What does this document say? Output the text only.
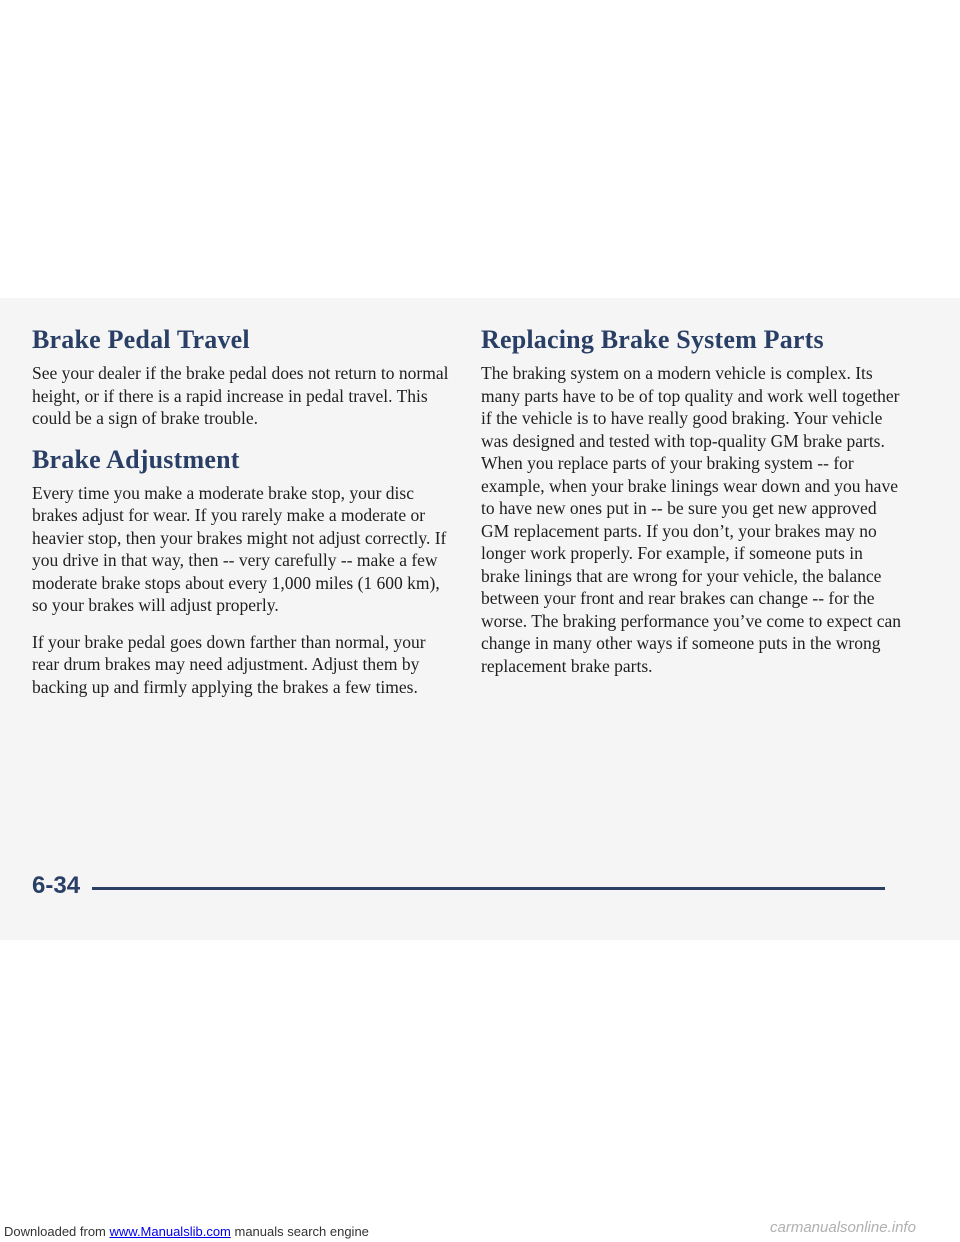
Brake Pedal Travel

See your dealer if the brake pedal does not return to normal height, or if there is a rapid increase in pedal travel. This could be a sign of brake trouble.

Brake Adjustment

Every time you make a moderate brake stop, your disc brakes adjust for wear. If you rarely make a moderate or heavier stop, then your brakes might not adjust correctly. If you drive in that way, then -- very carefully -- make a few moderate brake stops about every 1,000 miles (1 600 km), so your brakes will adjust properly.

If your brake pedal goes down farther than normal, your rear drum brakes may need adjustment. Adjust them by backing up and firmly applying the brakes a few times.

Replacing Brake System Parts

The braking system on a modern vehicle is complex. Its many parts have to be of top quality and work well together if the vehicle is to have really good braking. Your vehicle was designed and tested with top-quality GM brake parts. When you replace parts of your braking system -- for example, when your brake linings wear down and you have to have new ones put in -- be sure you get new approved GM replacement parts. If you don’t, your brakes may no longer work properly. For example, if someone puts in brake linings that are wrong for your vehicle, the balance between your front and rear brakes can change -- for the worse. The braking performance you’ve come to expect can change in many other ways if someone puts in the wrong replacement brake parts.

6-34
Downloaded from www.Manualslib.com manuals search engine	carmanualsonline.info
